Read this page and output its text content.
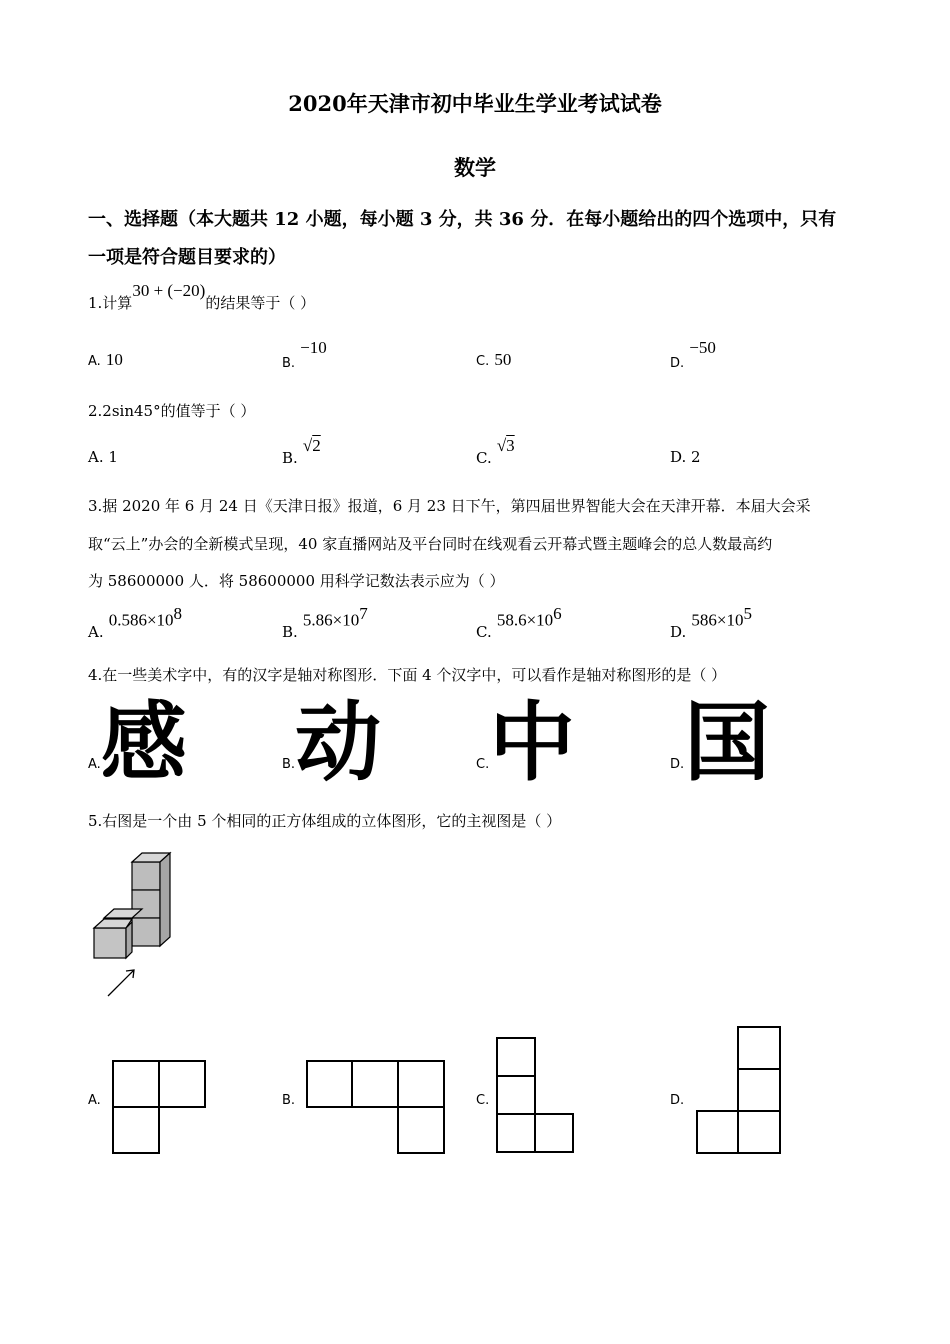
2020年天津市初中毕业生学业考试试卷
数学
一、选择题（本大题共 12 小题，每小题 3 分，共 36 分．在每小题给出的四个选项中，只有
一项是符合题目要求的）
1.计算30 + (−20)的结果等于（ ）
A. 10	$_{B.}$ −10
C. 50	$_{D.}$ −50
2.2sin45°的值等于（ ）
A. 1	B. √2
C. √3
D. 2
3.据 2020 年 6 月 24 日《天津日报》报道，6 月 23 日下午，第四届世界智能大会在天津开幕．本届大会采
取“云上”办会的全新模式呈现，40 家直播网站及平台同时在线观看云开幕式暨主题峰会的总人数最高约
为 58600000 人．将 58600000 用科学记数法表示应为（ ）
A. $0.586\times 10^8$
B. $5.86\times 10^7$
C. $58.6\times 10^6$
D. $586\times 10^5$
4.在一些美术字中，有的汉字是轴对称图形．下面 4 个汉字中，可以看作是轴对称图形的是（ ）
$^{A.}$感	$^{B.}$动	$^{C.}$中	$^{D.}$国
5.右图是一个由 5 个相同的正方体组成的立体图形，它的主视图是（ ）
A.	B.	C.	D.
